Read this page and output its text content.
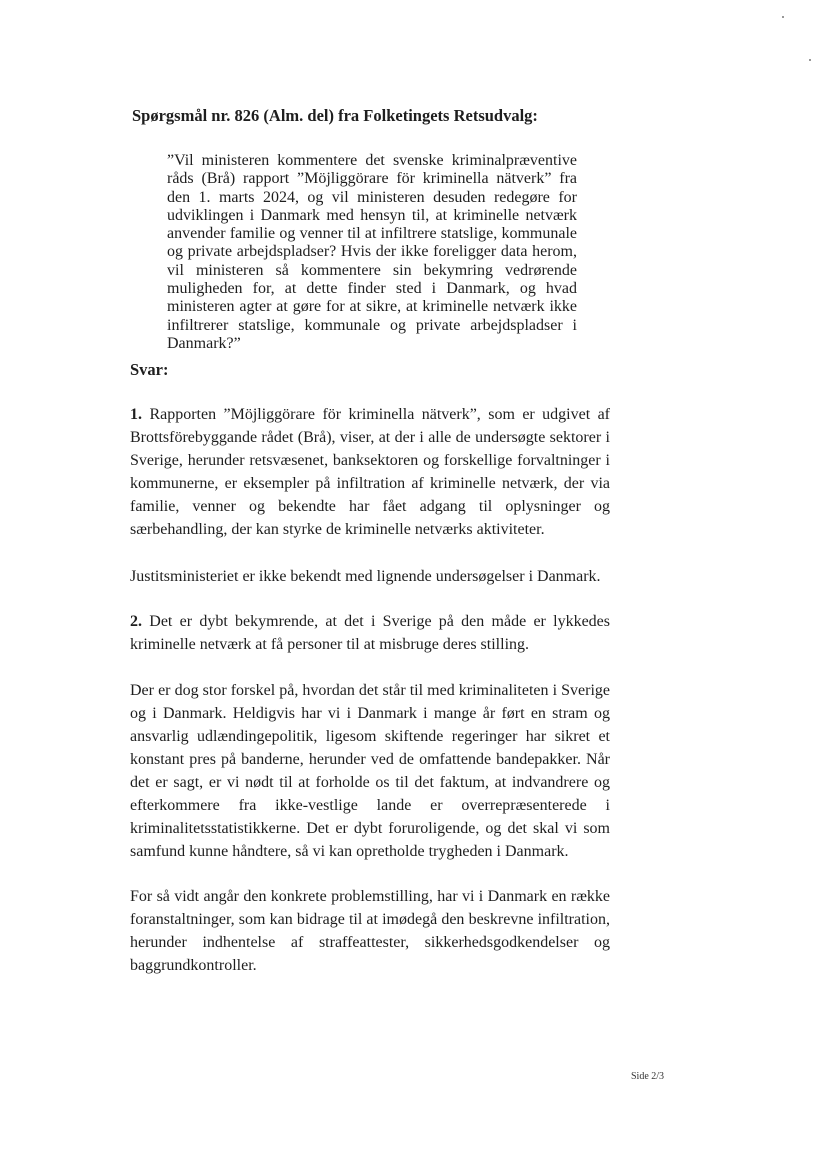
Spørgsmål nr. 826 (Alm. del) fra Folketingets Retsudvalg:

”Vil ministeren kommentere det svenske kriminalpræventive råds (Brå) rapport ”Möjliggörare för kriminella nätverk” fra den 1. marts 2024, og vil ministeren desuden redegøre for udviklingen i Danmark med hensyn til, at kriminelle netværk anvender familie og venner til at infiltrere statslige, kommunale og private arbejdspladser? Hvis der ikke foreligger data herom, vil ministeren så kommentere sin bekymring vedrørende muligheden for, at dette finder sted i Danmark, og hvad ministeren agter at gøre for at sikre, at kriminelle netværk ikke infiltrerer statslige, kommunale og private arbejdspladser i Danmark?”

Svar:

1. Rapporten ”Möjliggörare för kriminella nätverk”, som er udgivet af Brottsförebyggande rådet (Brå), viser, at der i alle de undersøgte sektorer i Sverige, herunder retsvæsenet, banksektoren og forskellige forvaltninger i kommunerne, er eksempler på infiltration af kriminelle netværk, der via familie, venner og bekendte har fået adgang til oplysninger og særbehandling, der kan styrke de kriminelle netværks aktiviteter.

Justitsministeriet er ikke bekendt med lignende undersøgelser i Danmark.

2. Det er dybt bekymrende, at det i Sverige på den måde er lykkedes kriminelle netværk at få personer til at misbruge deres stilling.

Der er dog stor forskel på, hvordan det står til med kriminaliteten i Sverige og i Danmark. Heldigvis har vi i Danmark i mange år ført en stram og ansvarlig udlændingepolitik, ligesom skiftende regeringer har sikret et konstant pres på banderne, herunder ved de omfattende bandepakker. Når det er sagt, er vi nødt til at forholde os til det faktum, at indvandrere og efterkommere fra ikke-vestlige lande er overrepræsenterede i kriminalitetsstatistikkerne. Det er dybt foruroligende, og det skal vi som samfund kunne håndtere, så vi kan opretholde trygheden i Danmark.

For så vidt angår den konkrete problemstilling, har vi i Danmark en række foranstaltninger, som kan bidrage til at imødegå den beskrevne infiltration, herunder indhentelse af straffeattester, sikkerhedsgodkendelser og baggrundkontroller.

Side 2/3
